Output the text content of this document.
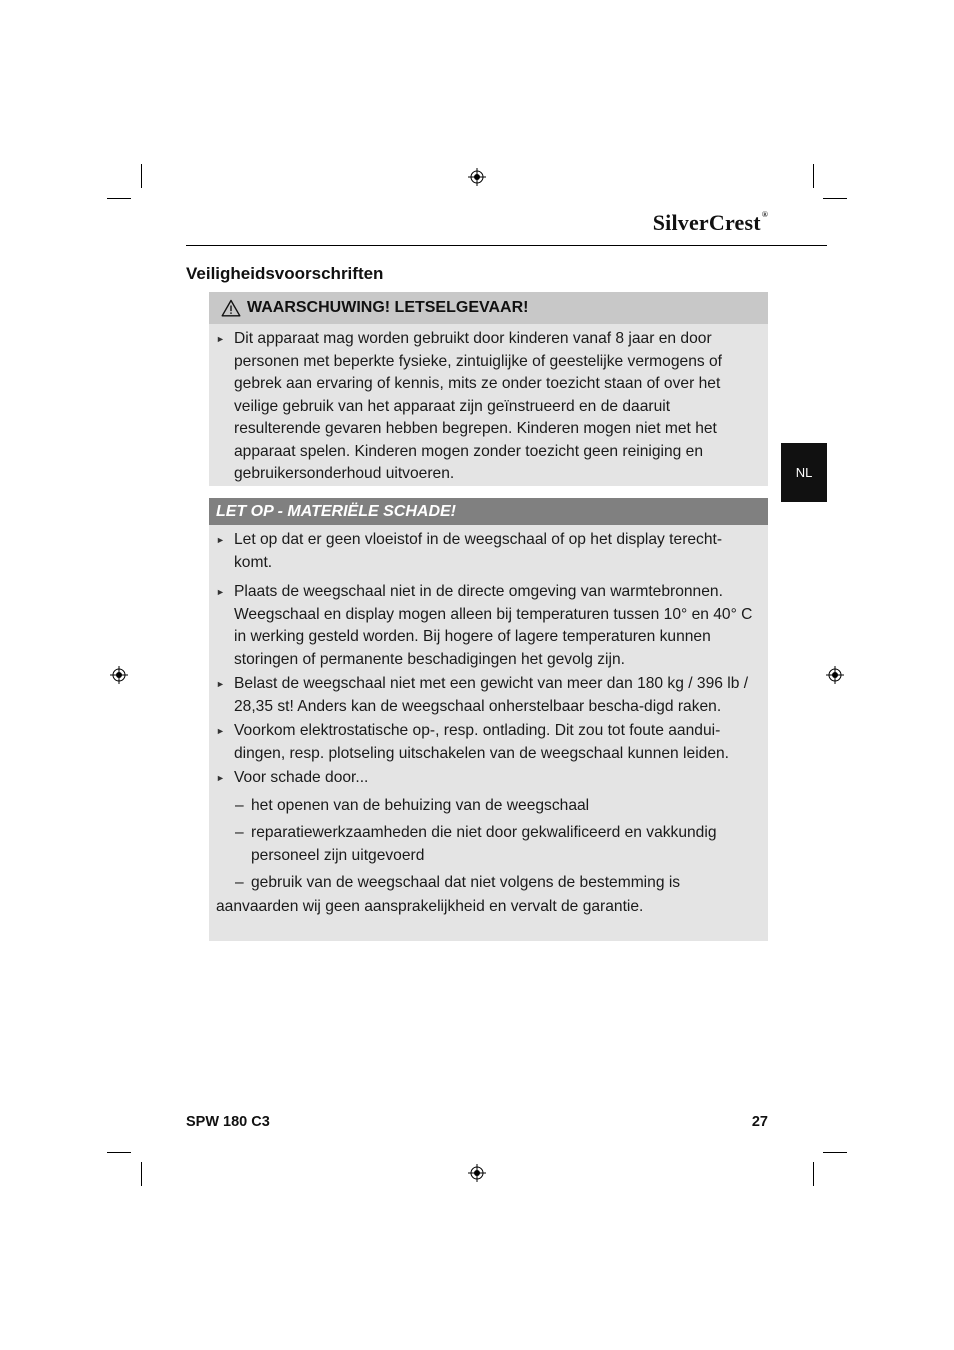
SilverCrest®
Veiligheidsvoorschriften
WAARSCHUWING! LETSELGEVAAR!
► Dit apparaat mag worden gebruikt door kinderen vanaf 8 jaar en door personen met beperkte fysieke, zintuiglijke of geestelijke vermogens of gebrek aan ervaring of kennis, mits ze onder toezicht staan of over het veilige gebruik van het apparaat zijn geïnstrueerd en de daaruit resulterende gevaren hebben begrepen. Kinderen mogen niet met het apparaat spelen. Kinderen mogen zonder toezicht geen reiniging en gebruikersonderhoud uitvoeren.
LET OP - MATERIËLE SCHADE!
► Let op dat er geen vloeistof in de weegschaal of op het display terecht-komt.
► Plaats de weegschaal niet in de directe omgeving van warmtebronnen. Weegschaal en display mogen alleen bij temperaturen tussen 10° en 40° C in werking gesteld worden. Bij hogere of lagere temperaturen kunnen storingen of permanente beschadigingen het gevolg zijn.
► Belast de weegschaal niet met een gewicht van meer dan 180 kg / 396 lb / 28,35 st! Anders kan de weegschaal onherstelbaar bescha-digd raken.
► Voorkom elektrostatische op-, resp. ontlading. Dit zou tot foute aandui-dingen, resp. plotseling uitschakelen van de weegschaal kunnen leiden.
► Voor schade door...
– het openen van de behuizing van de weegschaal
– reparatiewerkzaamheden die niet door gekwalificeerd en vakkundig personeel zijn uitgevoerd
– gebruik van de weegschaal dat niet volgens de bestemming is
aanvaarden wij geen aansprakelijkheid en vervalt de garantie.
NL
SPW 180 C3	27
